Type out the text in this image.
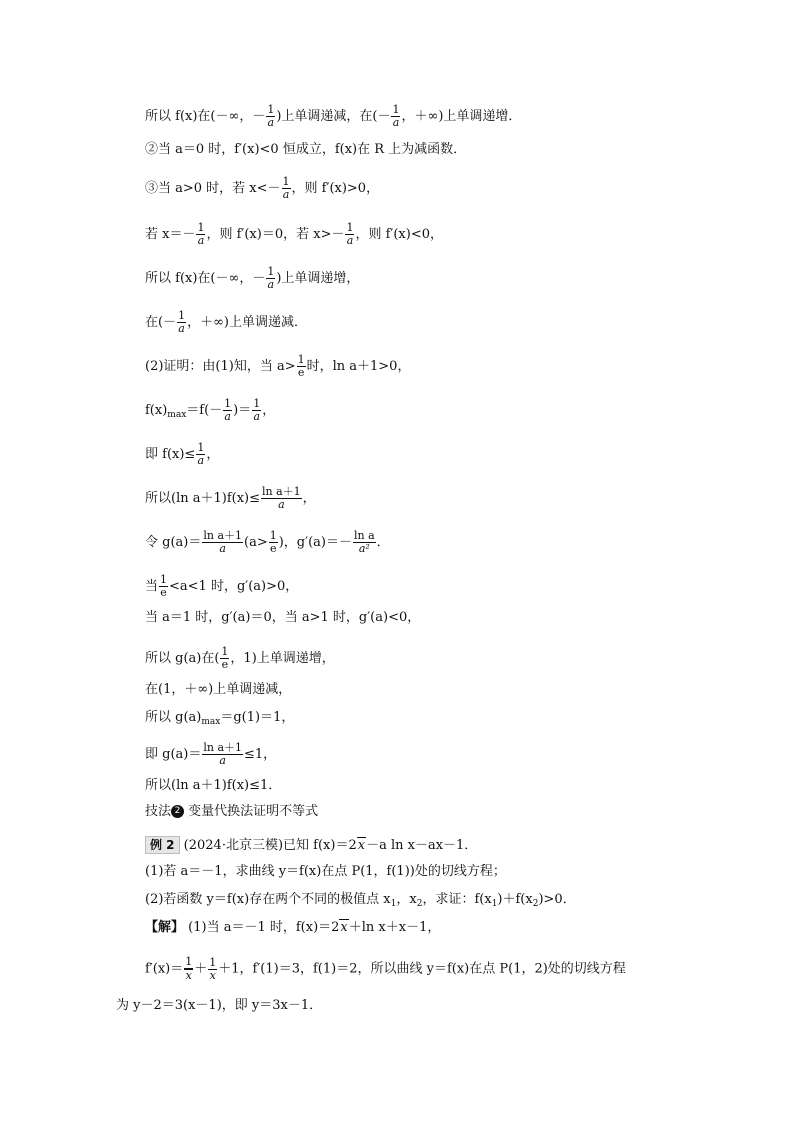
所以 f(x)在(－∞，－ $\frac{1}{a}$ )上单调递减，在(－ $\frac{1}{a}$ ，＋∞)上单调递增．
②当 a＝0 时，f′(x)<0 恒成立，f(x)在 R 上为减函数．
③当 a>0 时，若 $x<- \frac{1}{a}$ ，则 f′(x)>0，
若 $x=- \frac{1}{a}$ ，则 f′(x)＝0，若 $x>- \frac{1}{a}$ ，则 f′(x)<0，
所以 f(x)在(－∞，－ $\frac{1}{a}$ )上单调递增，
在(－ $\frac{1}{a}$ ，＋∞)上单调递减．
(2)证明：由(1)知，当 $a> \frac{1}{e}$ 时，ln a＋1>0，
$f(x)_{max}=f(- \frac{1}{a}$ )＝ $\frac{1}{a}$ ，
即 $f(x)\le \frac{1}{a}$ ，
所以(ln $a+1)f(x)\le \frac{\text{ln a＋1}}{a}$ ，
令 $g(a)= \frac{\text{ln a＋1}}{a} (a> \frac{1}{e}$ )，$g'(a)=- \frac{\text{ln a}}{\text{a²}}$ ．
当 $\frac{1}{e} <a<1$ 时，g′(a)>0，
当 a＝1 时，g′(a)＝0，当 a>1 时，g′(a)<0，
所以 g(a)在( $\frac{1}{e}$ ，1)上单调递增，
在(1，＋∞)上单调递减，
所以 $g(a)_{max}=g(1)=1$，
即 $g(a)= \frac{\text{ln a＋1}}{a} \le 1$，
所以(ln a＋1)f(x)≤1．
技法 2 变量代换法证明不等式
例 2 (2024·北京三模)已知 f(x)＝2x－a ln x－ax－1．
(1)若 a＝－1，求曲线 y＝f(x)在点 P(1，f(1))处的切线方程；
(2)若函数 y＝f(x)存在两个不同的极值点 $x_1$，$x_2$，求证：$f(x_1)+f(x_2)>0$．
【解】 (1)当 a＝－1 时，f(x)＝2x＋ln x＋x－1，
$f'(x)= \frac{1}{x} + \frac{1}{x} +1$，f′(1)＝3，f(1)＝2，所以曲线 y＝f(x)在点 P(1，2)处的切线方程
为 y－2＝3(x－1)，即 y＝3x－1．
